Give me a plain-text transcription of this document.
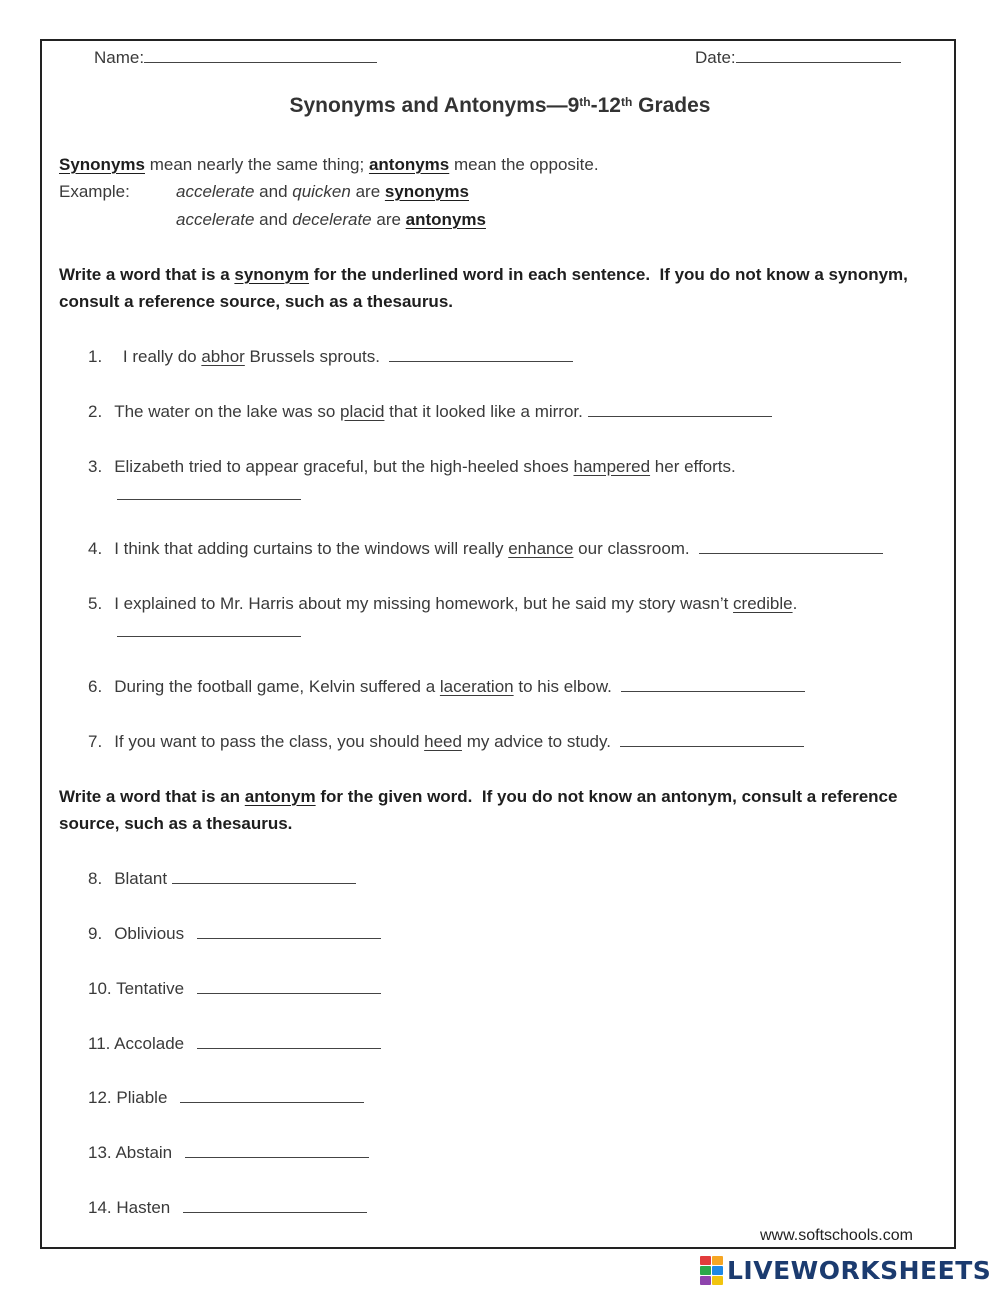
Name:	Date:
Synonyms and Antonyms—9th-12th Grades
Synonyms mean nearly the same thing; antonyms mean the opposite.
Example:	accelerate and quicken are synonyms
accelerate and decelerate are antonyms
Write a word that is a synonym for the underlined word in each sentence.  If you do not know a synonym,
consult a reference source, such as a thesaurus.
1. I really do abhor Brussels sprouts.
2. The water on the lake was so placid that it looked like a mirror.
3. Elizabeth tried to appear graceful, but the high-heeled shoes hampered her efforts.
4. I think that adding curtains to the windows will really enhance our classroom.
5. I explained to Mr. Harris about my missing homework, but he said my story wasn’t credible.
6. During the football game, Kelvin suffered a laceration to his elbow.
7. If you want to pass the class, you should heed my advice to study.
Write a word that is an antonym for the given word.  If you do not know an antonym, consult a reference
source, such as a thesaurus.
8. Blatant
9. Oblivious
10. Tentative
11. Accolade
12. Pliable
13. Abstain
14. Hasten
www.softschools.com
LIVEWORKSHEETS
